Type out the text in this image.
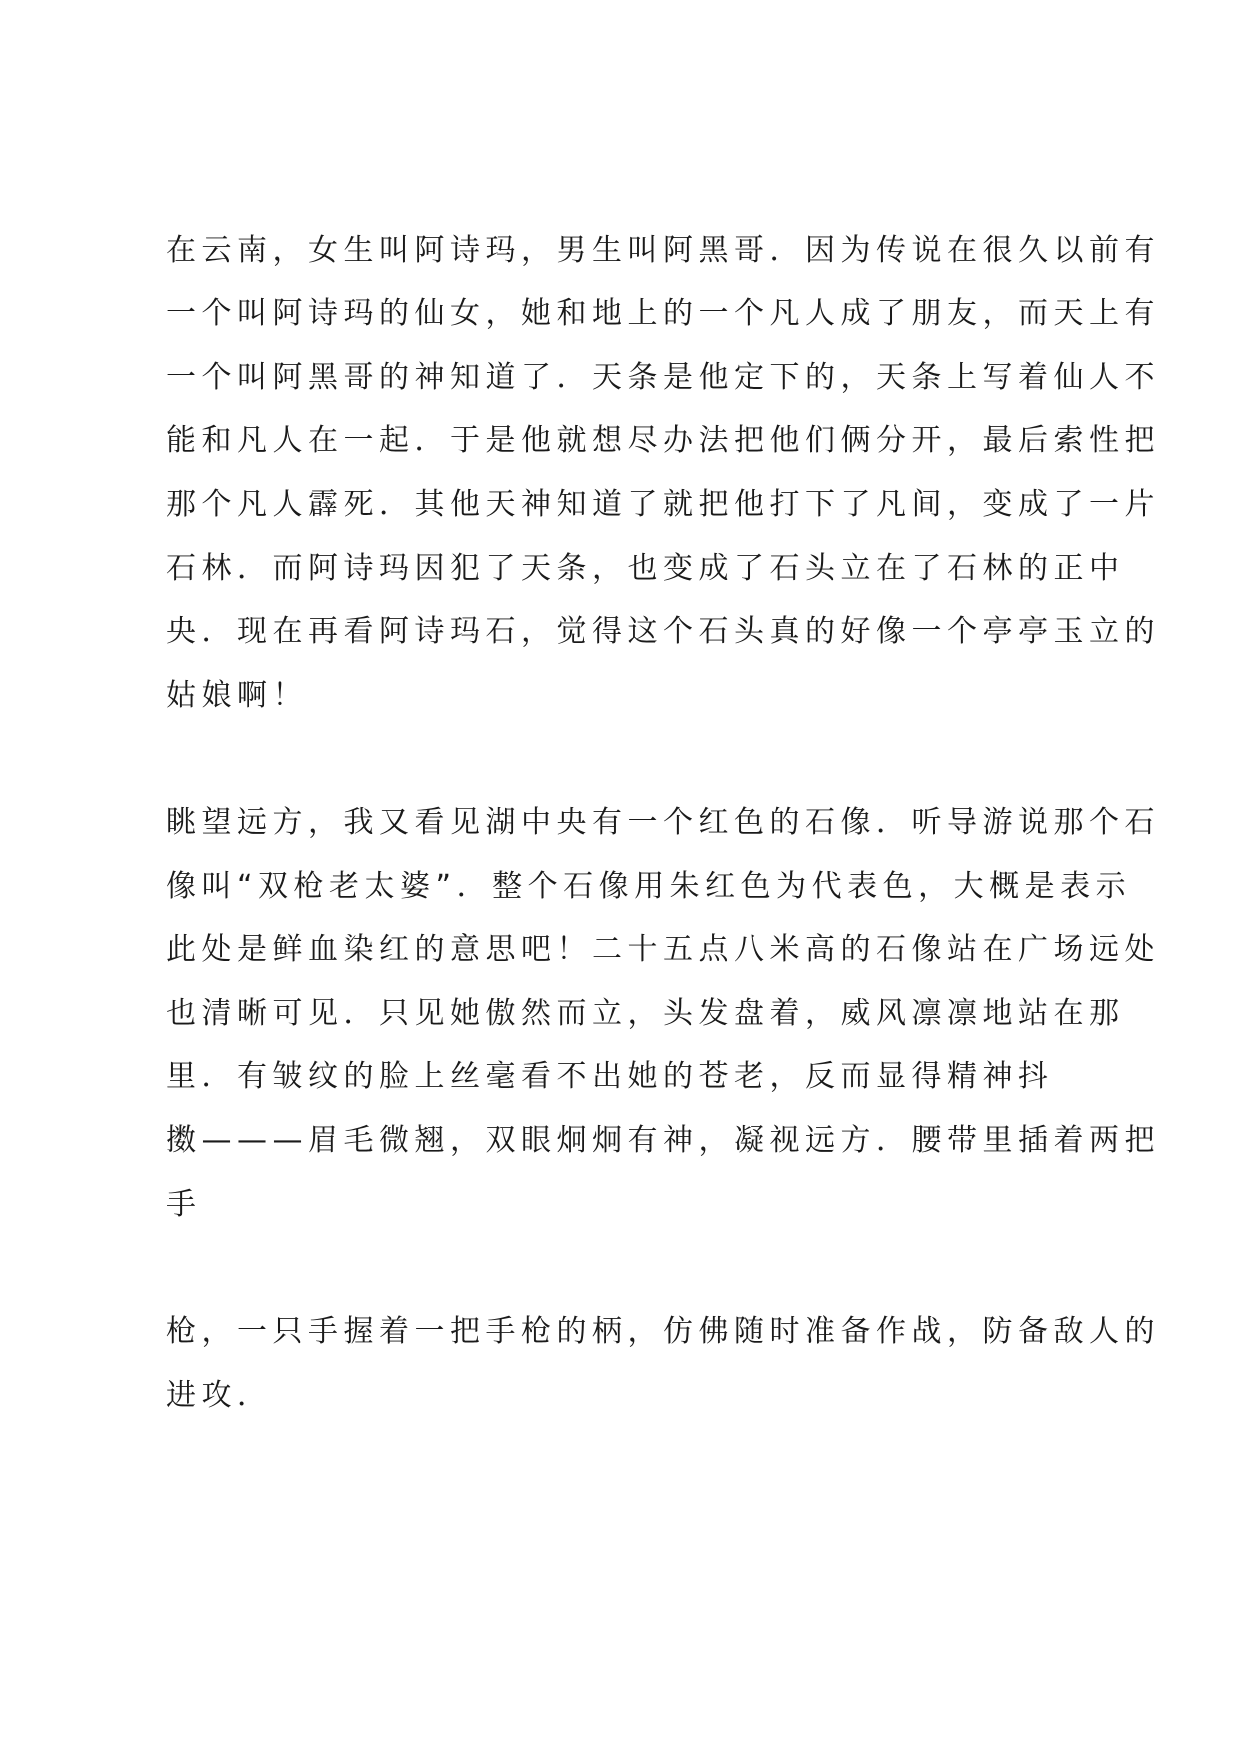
在云南，女生叫阿诗玛，男生叫阿黑哥．因为传说在很久以前有
一个叫阿诗玛的仙女，她和地上的一个凡人成了朋友，而天上有
一个叫阿黑哥的神知道了．天条是他定下的，天条上写着仙人不
能和凡人在一起．于是他就想尽办法把他们俩分开，最后索性把
那个凡人霹死．其他天神知道了就把他打下了凡间，变成了一片
石林．而阿诗玛因犯了天条，也变成了石头立在了石林的正中
央．现在再看阿诗玛石，觉得这个石头真的好像一个亭亭玉立的
姑娘啊！
眺望远方，我又看见湖中央有一个红色的石像．听导游说那个石
像叫“双枪老太婆”．整个石像用朱红色为代表色，大概是表示
此处是鲜血染红的意思吧！二十五点八米高的石像站在广场远处
也清晰可见．只见她傲然而立，头发盘着，威风凛凛地站在那
里．有皱纹的脸上丝毫看不出她的苍老，反而显得精神抖
擞———眉毛微翘，双眼炯炯有神，凝视远方．腰带里插着两把
手
枪，一只手握着一把手枪的柄，仿佛随时准备作战，防备敌人的
进攻．
